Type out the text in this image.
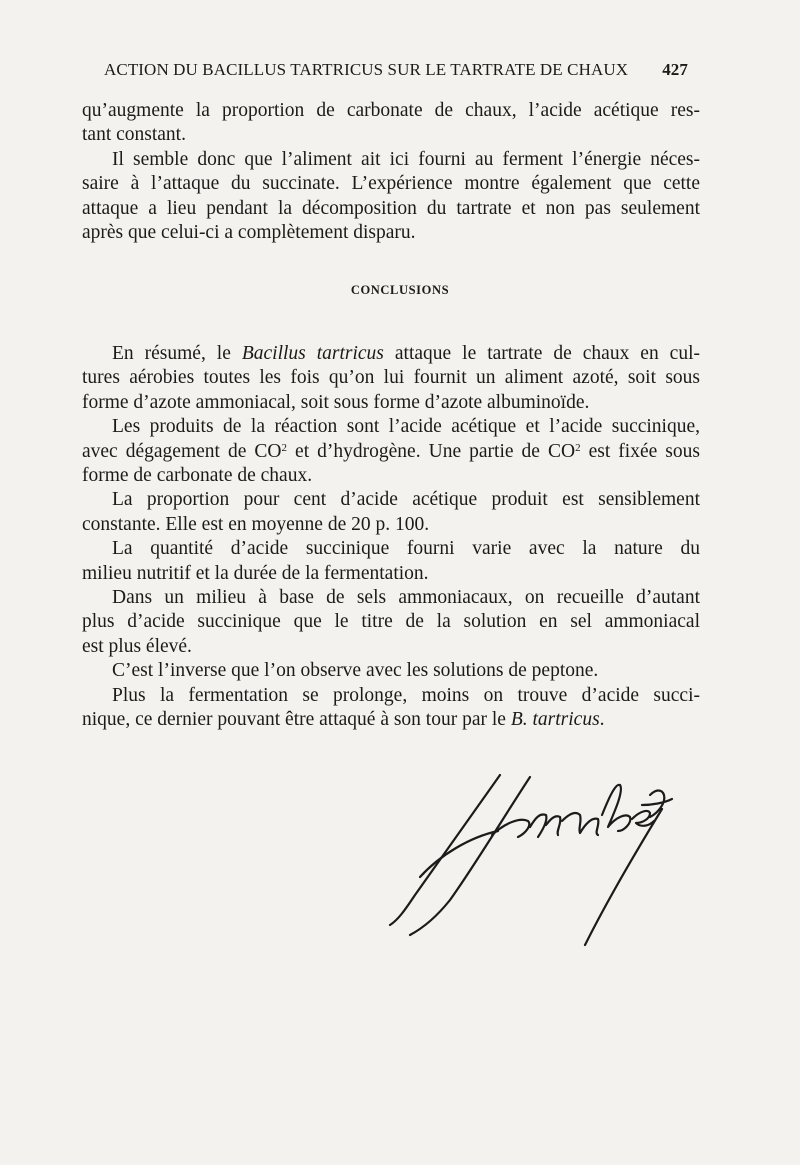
ACTION DU BACILLUS TARTRICUS SUR LE TARTRATE DE CHAUX 427

qu’augmente la proportion de carbonate de chaux, l’acide acétique res-
tant constant.

Il semble donc que l’aliment ait ici fourni au ferment l’énergie néces-
saire à l’attaque du succinate. L’expérience montre également que cette
attaque a lieu pendant la décomposition du tartrate et non pas seulement
après que celui-ci a complètement disparu.

CONCLUSIONS

En résumé, le Bacillus tartricus attaque le tartrate de chaux en cul-
tures aérobies toutes les fois qu’on lui fournit un aliment azoté, soit sous
forme d’azote ammoniacal, soit sous forme d’azote albuminoïde.

Les produits de la réaction sont l’acide acétique et l’acide succinique,
avec dégagement de $CO^2$ et d’hydrogène. Une partie de $CO^2$ est fixée sous
forme de carbonate de chaux.

La proportion pour cent d’acide acétique produit est sensiblement
constante. Elle est en moyenne de 20 p. 100.

La quantité d’acide succinique fourni varie avec la nature du
milieu nutritif et la durée de la fermentation.

Dans un milieu à base de sels ammoniacaux, on recueille d’autant
plus d’acide succinique que le titre de la solution en sel ammoniacal
est plus élevé.

C’est l’inverse que l’on observe avec les solutions de peptone.

Plus la fermentation se prolonge, moins on trouve d’acide succi-
nique, ce dernier pouvant être attaqué à son tour par le B. tartricus.
